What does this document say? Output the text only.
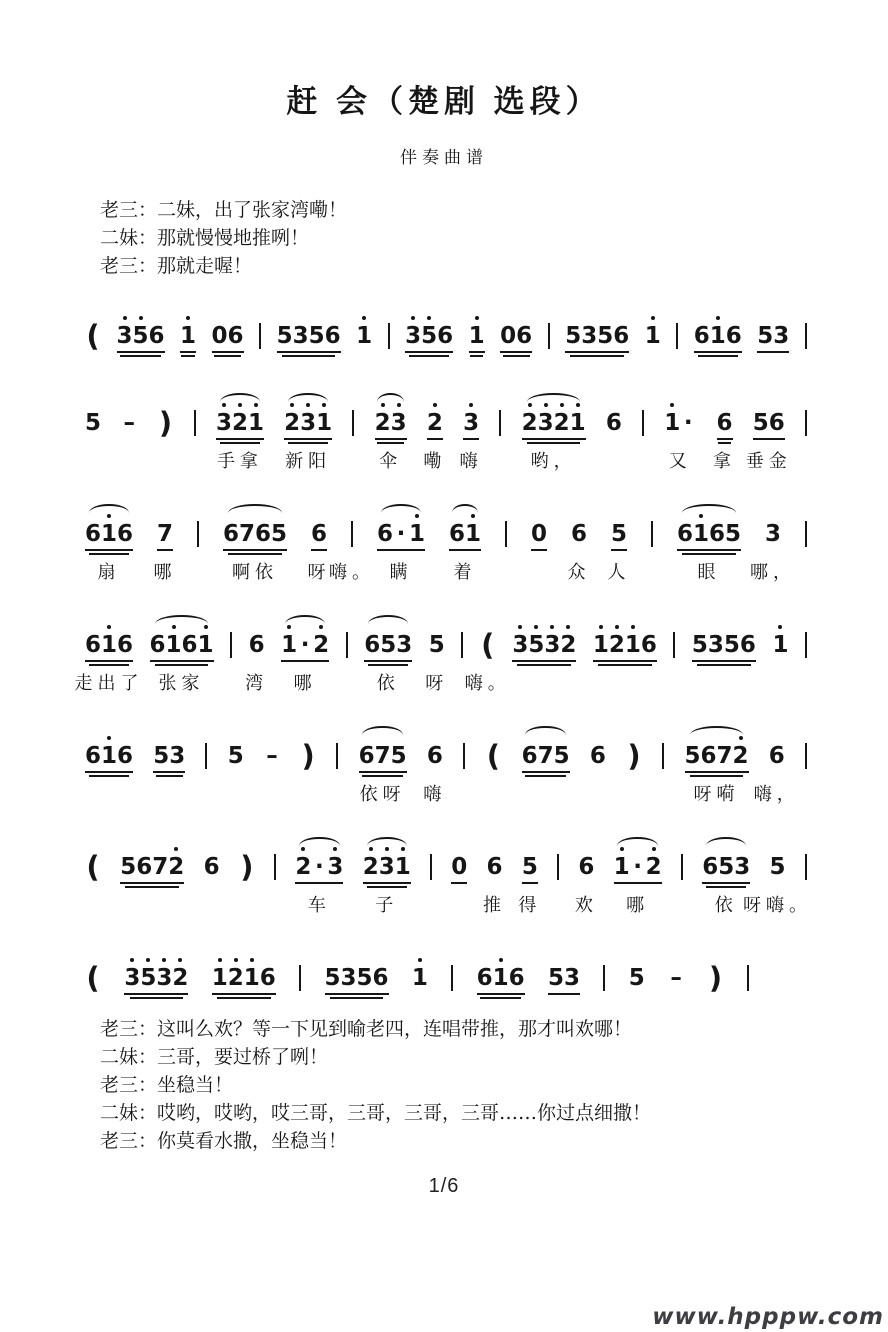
赶 会（楚剧 选段）
伴奏曲谱
老三：二妹，出了张家湾嘞！
二妹：那就慢慢地推咧！
老三：那就走喔！
( 3 5 6 1 0 6 5 3 5 6 1 3 5 6 1 0 6 5 3 5 6 1 6 1 6 5 3
5 – ) 3 2 1
手拿
2 3 1
新阳
2 3
伞
2
嘞
3
嗨
2 3 2 1
哟，
6 1 ·
又
6
拿
5 6
垂金
6 1 6
扇
7
哪
6 7 6 5
啊依
6
呀
嗨。
6 · 1
瞒
6 1
着
0 6
众
5
人
6 1 6 5
眼
3
哪，
6 1 6
走出了
6 1 6 1
张家
6
湾
1 · 2
哪
6 5 3
依
5
呀
(
嗨。
3 5 3 2 1 2 1 6 5 3 5 6 1
6 1 6 5 3 5 – ) 6 7 5
依呀
6
嗨
( 6 7 5 6 ) 5 6 7 2
呀嗬
6
嗨，
( 5 6 7 2 6 ) 2 · 3
车
2 3 1
子
0 6
推
5
得
6
欢
1 · 2
哪
6 5 3
依
5
呀嗨。
( 3 5 3 2 1 2 1 6 5 3 5 6 1 6 1 6 5 3 5 – )
老三：这叫么欢？等一下见到喻老四，连唱带推，那才叫欢哪！
二妹：三哥，要过桥了咧！
老三：坐稳当！
二妹：哎哟，哎哟，哎三哥，三哥，三哥，三哥……你过点细撒！
老三：你莫看水撒，坐稳当！
1/6
www.hpppw.com
